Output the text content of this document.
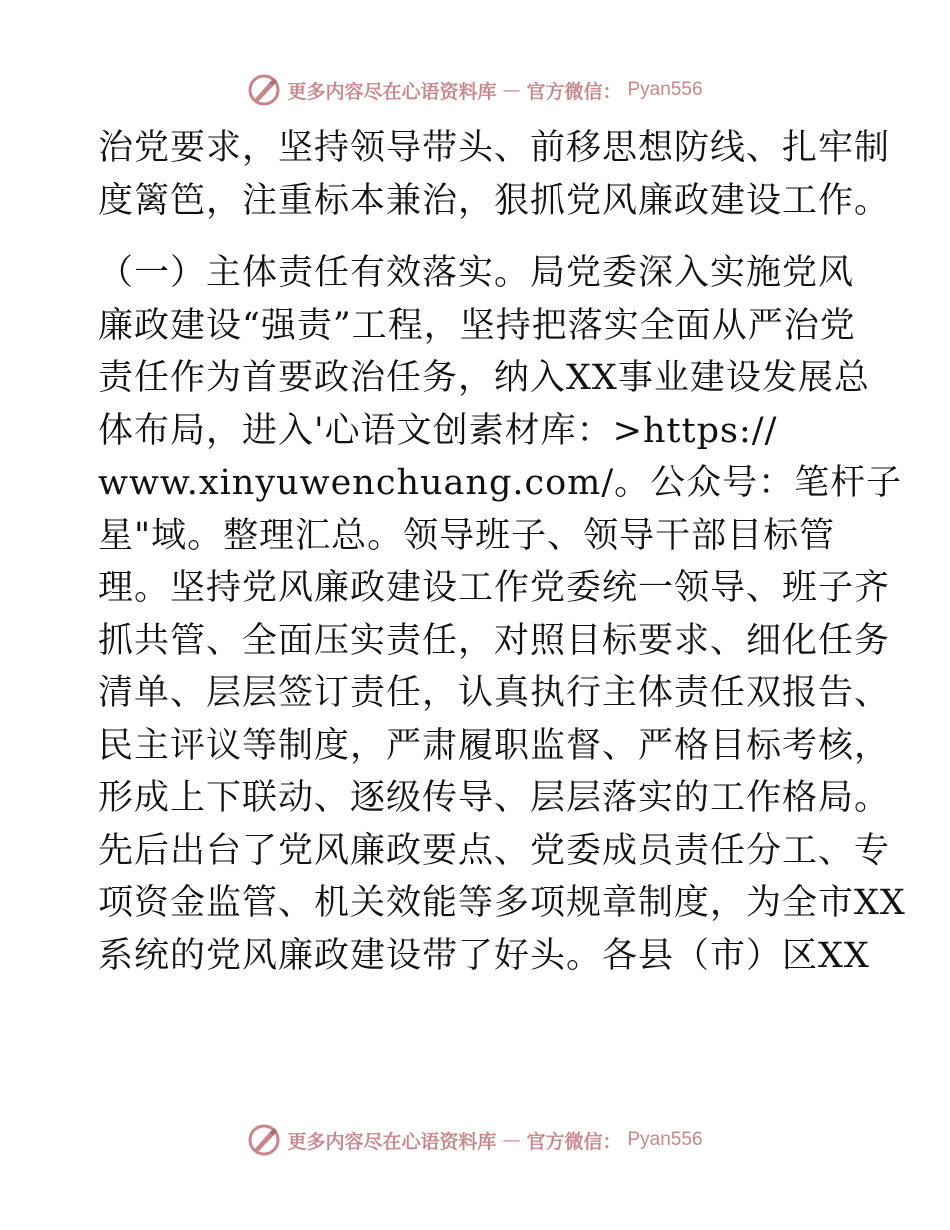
更多内容尽在心语资料库 — 官方微信： Pyan556
治党要求，坚持领导带头、前移思想防线、扎牢制
度篱笆，注重标本兼治，狠抓党风廉政建设工作。
（一）主体责任有效落实。局党委深入实施党风
廉政建设“强责”工程，坚持把落实全面从严治党
责任作为首要政治任务，纳入XX事业建设发展总
体布局，进入'心语文创素材库：>https://
www.xinyuwenchuang.com/。公众号：笔杆子
星"域。整理汇总。领导班子、领导干部目标管
理。坚持党风廉政建设工作党委统一领导、班子齐
抓共管、全面压实责任，对照目标要求、细化任务
清单、层层签订责任，认真执行主体责任双报告、
民主评议等制度，严肃履职监督、严格目标考核，
形成上下联动、逐级传导、层层落实的工作格局。
先后出台了党风廉政要点、党委成员责任分工、专
项资金监管、机关效能等多项规章制度，为全市XX
系统的党风廉政建设带了好头。各县（市）区XX
更多内容尽在心语资料库 — 官方微信： Pyan556
